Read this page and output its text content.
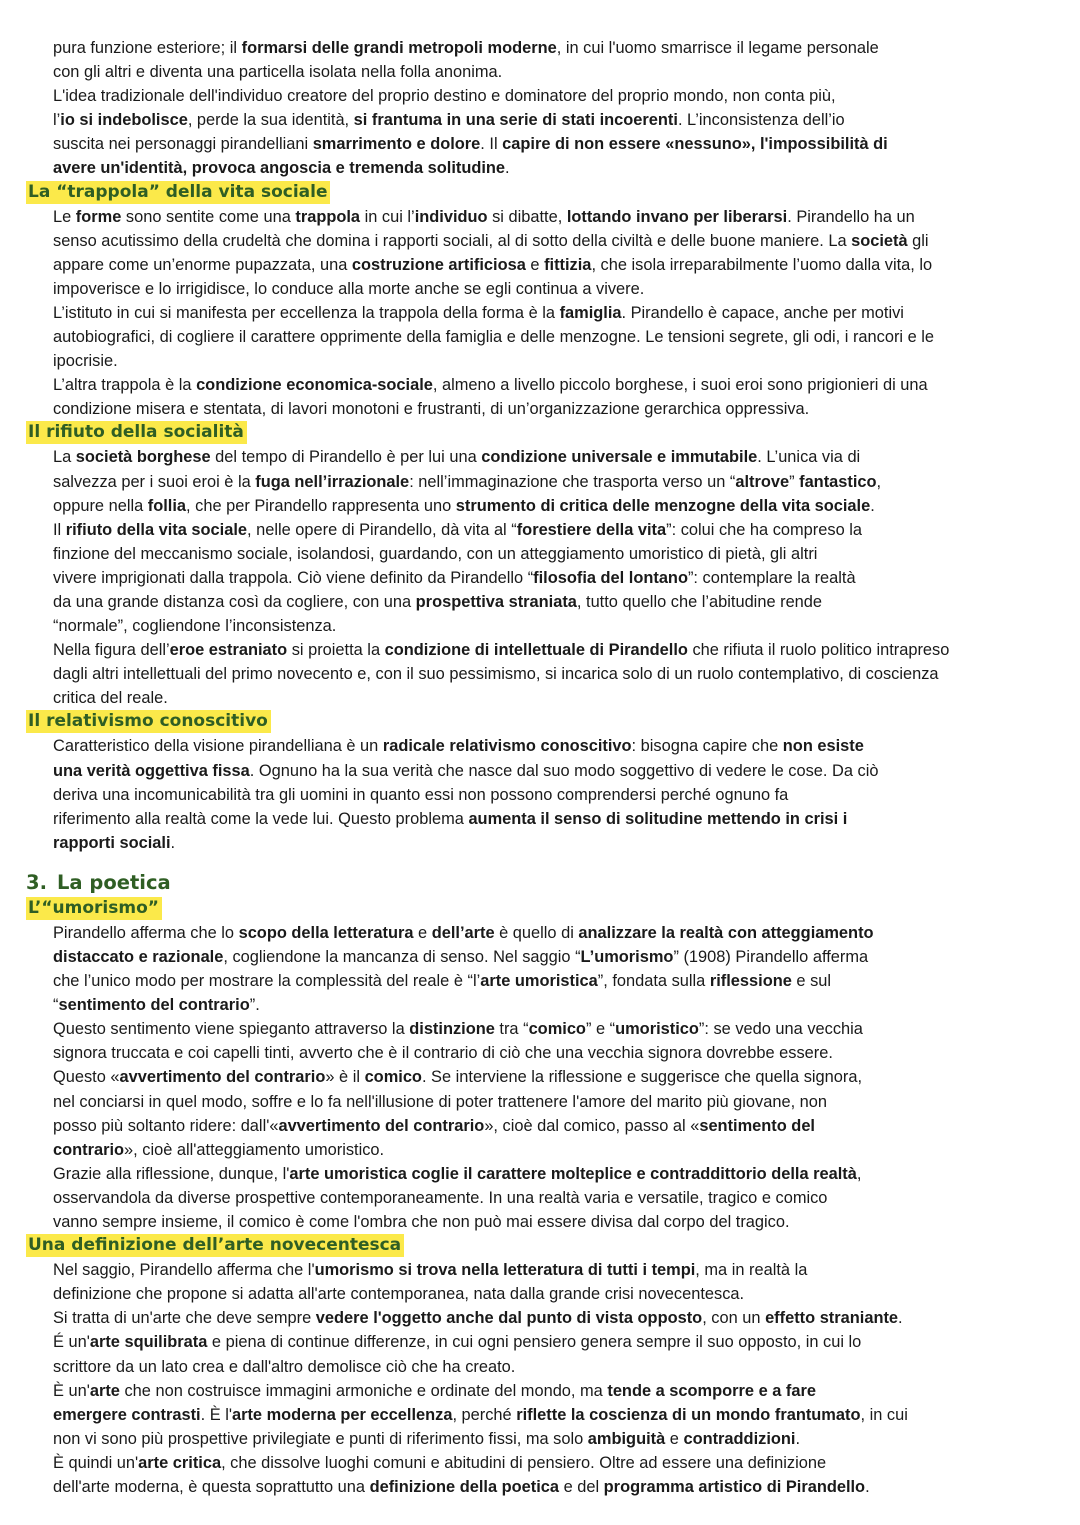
pura funzione esteriore; il formarsi delle grandi metropoli moderne, in cui l'uomo smarrisce il legame personale

con gli altri e diventa una particella isolata nella folla anonima.

L'idea tradizionale dell'individuo creatore del proprio destino e dominatore del proprio mondo, non conta più,

l’io si indebolisce, perde la sua identità, si frantuma in una serie di stati incoerenti. L’inconsistenza dell’io

suscita nei personaggi pirandelliani smarrimento e dolore. Il capire di non essere «nessuno», l'impossibilità di

avere un'identità, provoca angoscia e tremenda solitudine.

La “trappola” della vita sociale

Le forme sono sentite come una trappola in cui l’individuo si dibatte, lottando invano per liberarsi. Pirandello ha un

senso acutissimo della crudeltà che domina i rapporti sociali, al di sotto della civiltà e delle buone maniere. La società gli

appare come un’enorme pupazzata, una costruzione artificiosa e fittizia, che isola irreparabilmente l’uomo dalla vita, lo

impoverisce e lo irrigidisce, lo conduce alla morte anche se egli continua a vivere.

L’istituto in cui si manifesta per eccellenza la trappola della forma è la famiglia. Pirandello è capace, anche per motivi

autobiografici, di cogliere il carattere opprimente della famiglia e delle menzogne. Le tensioni segrete, gli odi, i rancori e le

ipocrisie.

L’altra trappola è la condizione economica-sociale, almeno a livello piccolo borghese, i suoi eroi sono prigionieri di una

condizione misera e stentata, di lavori monotoni e frustranti, di un’organizzazione gerarchica oppressiva.

Il rifiuto della socialità

La società borghese del tempo di Pirandello è per lui una condizione universale e immutabile. L’unica via di

salvezza per i suoi eroi è la fuga nell’irrazionale: nell’immaginazione che trasporta verso un “altrove” fantastico,

oppure nella follia, che per Pirandello rappresenta uno strumento di critica delle menzogne della vita sociale.

Il rifiuto della vita sociale, nelle opere di Pirandello, dà vita al “forestiere della vita”: colui che ha compreso la

finzione del meccanismo sociale, isolandosi, guardando, con un atteggiamento umoristico di pietà, gli altri

vivere imprigionati dalla trappola. Ciò viene definito da Pirandello “filosofia del lontano”: contemplare la realtà

da una grande distanza così da cogliere, con una prospettiva straniata, tutto quello che l’abitudine rende

“normale”, cogliendone l’inconsistenza.

Nella figura dell’eroe estraniato si proietta la condizione di intellettuale di Pirandello che rifiuta il ruolo politico intrapreso

dagli altri intellettuali del primo novecento e, con il suo pessimismo, si incarica solo di un ruolo contemplativo, di coscienza

critica del reale.

Il relativismo conoscitivo

Caratteristico della visione pirandelliana è un radicale relativismo conoscitivo: bisogna capire che non esiste

una verità oggettiva fissa. Ognuno ha la sua verità che nasce dal suo modo soggettivo di vedere le cose. Da ciò

deriva una incomunicabilità tra gli uomini in quanto essi non possono comprendersi perché ognuno fa

riferimento alla realtà come la vede lui. Questo problema aumenta il senso di solitudine mettendo in crisi i

rapporti sociali.

3. La poetica
L’“umorismo”

Pirandello afferma che lo scopo della letteratura e dell’arte è quello di analizzare la realtà con atteggiamento

distaccato e razionale, cogliendone la mancanza di senso. Nel saggio “L’umorismo” (1908) Pirandello afferma

che l’unico modo per mostrare la complessità del reale è “l’arte umoristica”, fondata sulla riflessione e sul

“sentimento del contrario”.

Questo sentimento viene spieganto attraverso la distinzione tra “comico” e “umoristico”: se vedo una vecchia

signora truccata e coi capelli tinti, avverto che è il contrario di ciò che una vecchia signora dovrebbe essere.

Questo «avvertimento del contrario» è il comico. Se interviene la riflessione e suggerisce che quella signora,

nel conciarsi in quel modo, soffre e lo fa nell'illusione di poter trattenere l'amore del marito più giovane, non

posso più soltanto ridere: dall'«avvertimento del contrario», cioè dal comico, passo al «sentimento del

contrario», cioè all'atteggiamento umoristico.

Grazie alla riflessione, dunque, l'arte umoristica coglie il carattere molteplice e contraddittorio della realtà,

osservandola da diverse prospettive contemporaneamente. In una realtà varia e versatile, tragico e comico

vanno sempre insieme, il comico è come l'ombra che non può mai essere divisa dal corpo del tragico.

Una definizione dell’arte novecentesca

Nel saggio, Pirandello afferma che l'umorismo si trova nella letteratura di tutti i tempi, ma in realtà la

definizione che propone si adatta all'arte contemporanea, nata dalla grande crisi novecentesca.

Si tratta di un'arte che deve sempre vedere l'oggetto anche dal punto di vista opposto, con un effetto straniante.

É un'arte squilibrata e piena di continue differenze, in cui ogni pensiero genera sempre il suo opposto, in cui lo

scrittore da un lato crea e dall'altro demolisce ciò che ha creato.

È un'arte che non costruisce immagini armoniche e ordinate del mondo, ma tende a scomporre e a fare

emergere contrasti. È l'arte moderna per eccellenza, perché riflette la coscienza di un mondo frantumato, in cui

non vi sono più prospettive privilegiate e punti di riferimento fissi, ma solo ambiguità e contraddizioni.

È quindi un'arte critica, che dissolve luoghi comuni e abitudini di pensiero. Oltre ad essere una definizione

dell'arte moderna, è questa soprattutto una definizione della poetica e del programma artistico di Pirandello.
